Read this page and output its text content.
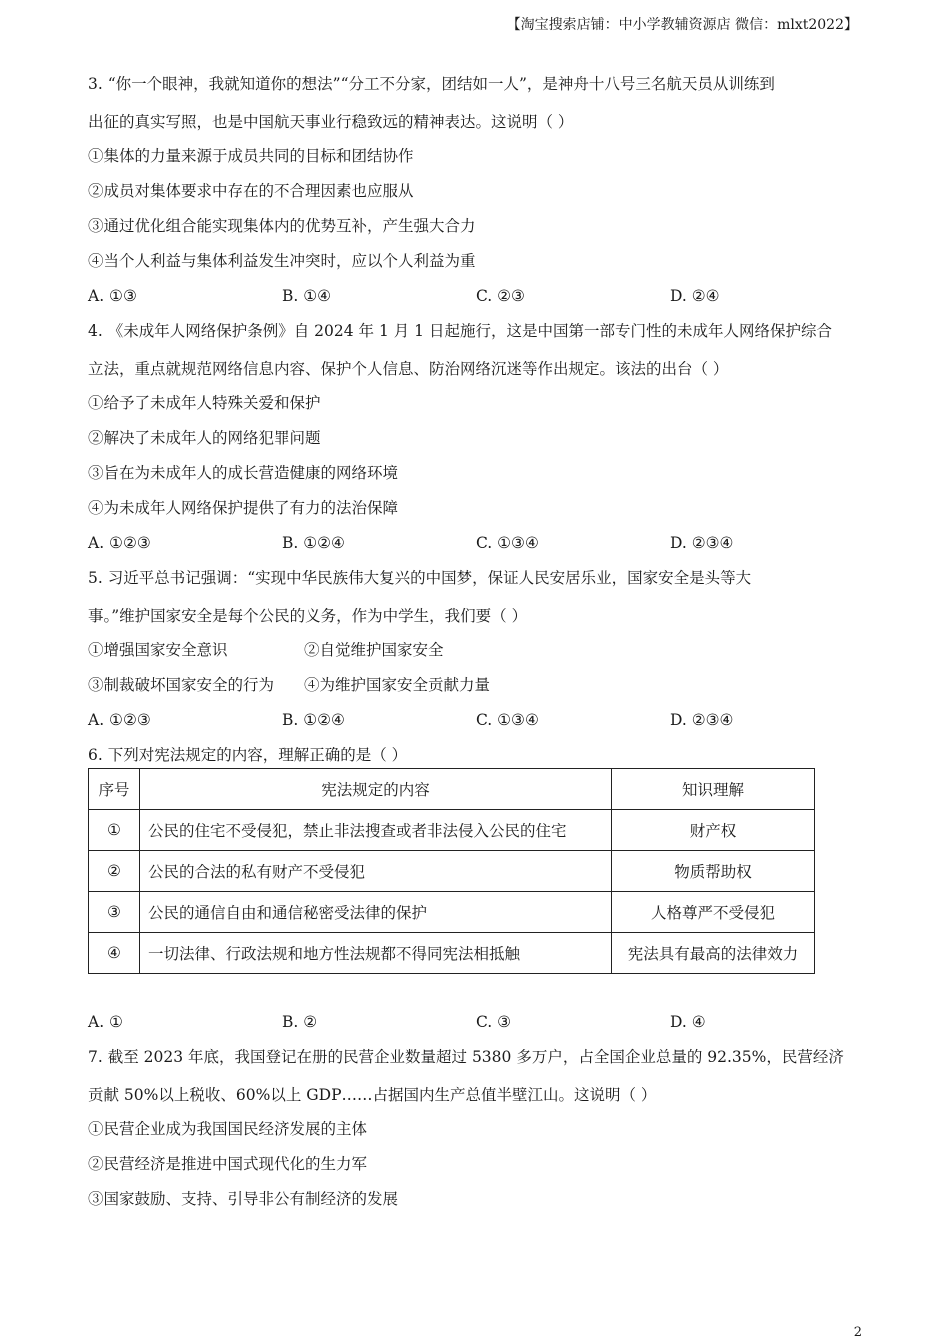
【淘宝搜索店铺：中小学教辅资源店 微信：mlxt2022】
3. “你一个眼神，我就知道你的想法”“分工不分家，团结如一人”，是神舟十八号三名航天员从训练到
出征的真实写照，也是中国航天事业行稳致远的精神表达。这说明（ ）
①集体的力量来源于成员共同的目标和团结协作
②成员对集体要求中存在的不合理因素也应服从
③通过优化组合能实现集体内的优势互补，产生强大合力
④当个人利益与集体利益发生冲突时，应以个人利益为重
A. ①③	B. ①④	C. ②③	D. ②④
4. 《未成年人网络保护条例》自 2024 年 1 月 1 日起施行，这是中国第一部专门性的未成年人网络保护综合
立法，重点就规范网络信息内容、保护个人信息、防治网络沉迷等作出规定。该法的出台（ ）
①给予了未成年人特殊关爱和保护
②解决了未成年人的网络犯罪问题
③旨在为未成年人的成长营造健康的网络环境
④为未成年人网络保护提供了有力的法治保障
A. ①②③	B. ①②④	C. ①③④	D. ②③④
5. 习近平总书记强调：“实现中华民族伟大复兴的中国梦，保证人民安居乐业，国家安全是头等大
事。”维护国家安全是每个公民的义务，作为中学生，我们要（ ）
①增强国家安全意识	②自觉维护国家安全
③制裁破坏国家安全的行为	④为维护国家安全贡献力量
A. ①②③	B. ①②④	C. ①③④	D. ②③④
6. 下列对宪法规定的内容，理解正确的是（ ）
序号	宪法规定的内容	知识理解
①	公民的住宅不受侵犯，禁止非法搜查或者非法侵入公民的住宅	财产权
②	公民的合法的私有财产不受侵犯	物质帮助权
③	公民的通信自由和通信秘密受法律的保护	人格尊严不受侵犯
④	一切法律、行政法规和地方性法规都不得同宪法相抵触	宪法具有最高的法律效力
A. ①	B. ②	C. ③	D. ④
7. 截至 2023 年底，我国登记在册的民营企业数量超过 5380 多万户，占全国企业总量的 92.35%，民营经济
贡献 50%以上税收、60%以上 GDP……占据国内生产总值半壁江山。这说明（ ）
①民营企业成为我国国民经济发展的主体
②民营经济是推进中国式现代化的生力军
③国家鼓励、支持、引导非公有制经济的发展
2
